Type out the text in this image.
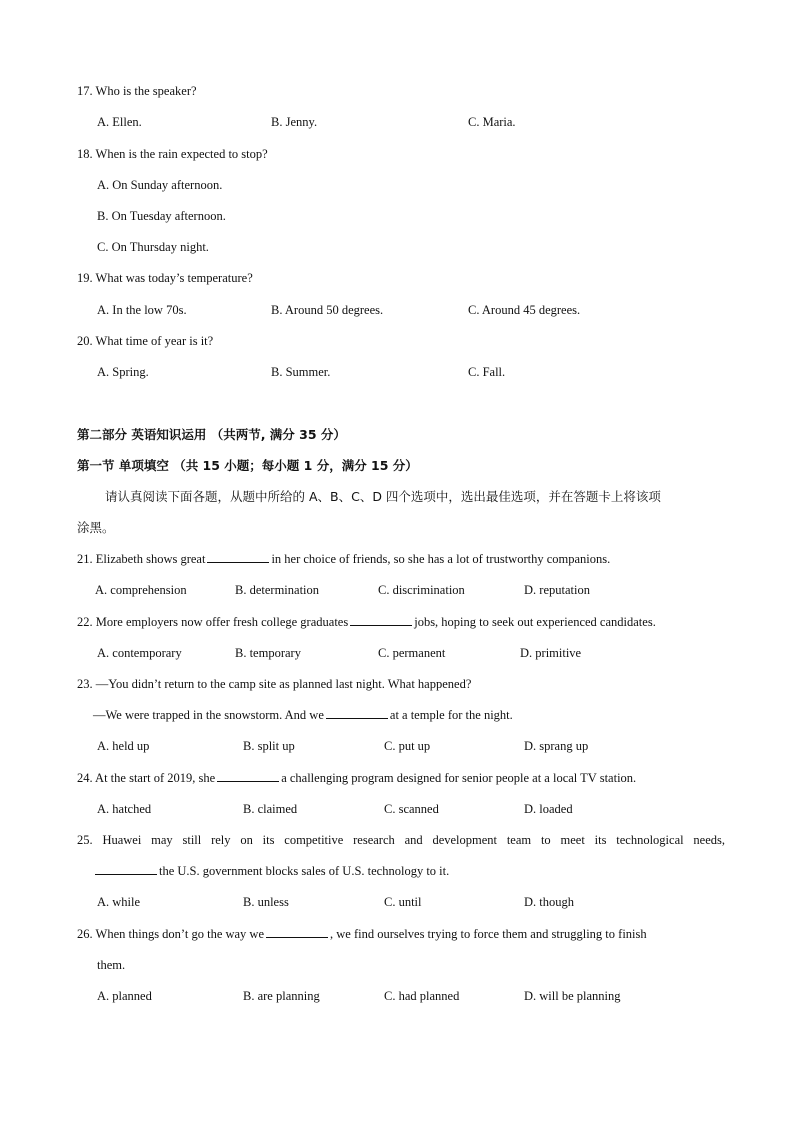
17. Who is the speaker?
A. Ellen.	B. Jenny.	C. Maria.
18. When is the rain expected to stop?
A. On Sunday afternoon.
B. On Tuesday afternoon.
C. On Thursday night.
19. What was today’s temperature?
A. In the low 70s.	B. Around 50 degrees.	C. Around 45 degrees.
20. What time of year is it?
A. Spring.	B. Summer.	C. Fall.
第二部分 英语知识运用 （共两节, 满分 35 分）
第一节 单项填空 （共 15 小题；每小题 1 分，满分 15 分）
请认真阅读下面各题，从题中所给的 A、B、C、D 四个选项中，选出最佳选项，并在答题卡上将该项
涂黑。
21. Elizabeth shows great	in her choice of friends, so she has a lot of trustworthy companions.
A. comprehension	B. determination	C. discrimination	D. reputation
22. More employers now offer fresh college graduates	jobs, hoping to seek out experienced candidates.
A. contemporary	B. temporary	C. permanent	D. primitive
23. —You didn’t return to the camp site as planned last night. What happened?
—We were trapped in the snowstorm. And we	at a temple for the night.
A. held up	B. split up	C. put up	D. sprang up
24. At the start of 2019, she	a challenging program designed for senior people at a local TV station.
A. hatched	B. claimed	C. scanned	D. loaded
25. Huawei may still rely on its competitive research and development team to meet its technological needs,
the U.S. government blocks sales of U.S. technology to it.
A. while	B. unless	C. until	D. though
26. When things don’t go the way we	, we find ourselves trying to force them and struggling to finish
them.
A. planned	B. are planning	C. had planned	D. will be planning
